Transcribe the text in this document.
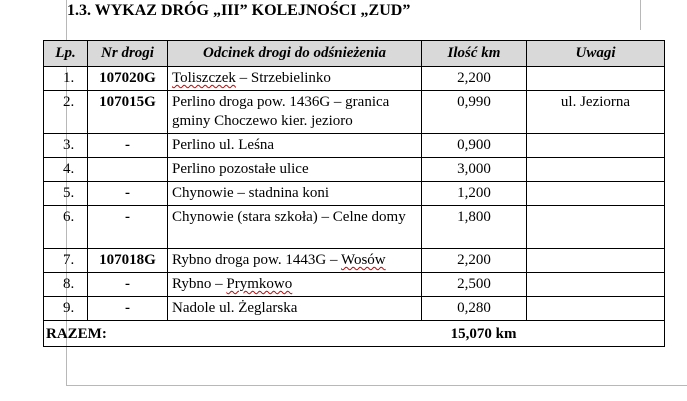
1.3. WYKAZ DRÓG „III” KOLEJNOŚCI „ZUD”
Lp.	Nr drogi	Odcinek drogi do odśnieżenia	Ilość km	Uwagi
1.	107020G	Toliszczek – Strzebielinko	2,200	
2.	107015G	Perlino droga pow. 1436G – granica gminy Choczewo kier. jezioro	0,990	ul. Jeziorna
3.	-	Perlino ul. Leśna	0,900	
4.		Perlino pozostałe ulice	3,000	
5.	-	Chynowie – stadnina koni	1,200	
6.	-	Chynowie (stara szkoła) – Celne domy	1,800	
7.	107018G	Rybno droga pow. 1443G – Wosów	2,200	
8.	-	Rybno – Prymkowo	2,500	
9.	-	Nadole ul. Żeglarska	0,280	
RAZEM:			15,070 km	
